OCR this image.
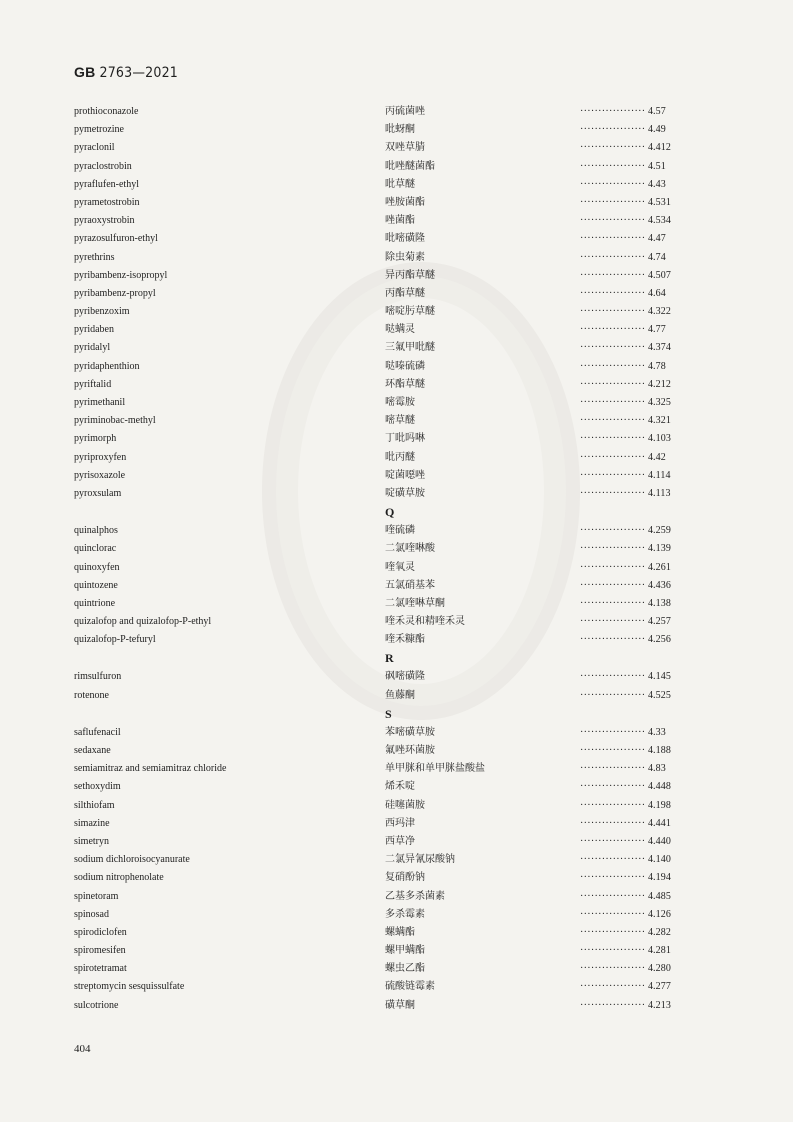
GB 2763—2021
prothioconazole	丙硫菌唑	·················· 4.57
pymetrozine	吡蚜酮	·················· 4.49
pyraclonil	双唑草腈	·················· 4.412
pyraclostrobin	吡唑醚菌酯	·················· 4.51
pyraflufen-ethyl	吡草醚	·················· 4.43
pyrametostrobin	唑胺菌酯	·················· 4.531
pyraoxystrobin	唑菌酯	·················· 4.534
pyrazosulfuron-ethyl	吡嘧磺隆	·················· 4.47
pyrethrins	除虫菊素	·················· 4.74
pyribambenz-isopropyl	异丙酯草醚	·················· 4.507
pyribambenz-propyl	丙酯草醚	·················· 4.64
pyribenzoxim	嘧啶肟草醚	·················· 4.322
pyridaben	哒螨灵	·················· 4.77
pyridalyl	三氟甲吡醚	·················· 4.374
pyridaphenthion	哒嗪硫磷	·················· 4.78
pyriftalid	环酯草醚	·················· 4.212
pyrimethanil	嘧霉胺	·················· 4.325
pyriminobac-methyl	嘧草醚	·················· 4.321
pyrimorph	丁吡吗啉	·················· 4.103
pyriproxyfen	吡丙醚	·················· 4.42
pyrisoxazole	啶菌噁唑	·················· 4.114
pyroxsulam	啶磺草胺	·················· 4.113
Q
quinalphos	喹硫磷	·················· 4.259
quinclorac	二氯喹啉酸	·················· 4.139
quinoxyfen	喹氧灵	·················· 4.261
quintozene	五氯硝基苯	·················· 4.436
quintrione	二氯喹啉草酮	·················· 4.138
quizalofop and quizalofop-P-ethyl	喹禾灵和精喹禾灵	·················· 4.257
quizalofop-P-tefuryl	喹禾糠酯	·················· 4.256
R
rimsulfuron	砜嘧磺隆	·················· 4.145
rotenone	鱼藤酮	·················· 4.525
S
saflufenacil	苯嘧磺草胺	·················· 4.33
sedaxane	氟唑环菌胺	·················· 4.188
semiamitraz and semiamitraz chloride	单甲脒和单甲脒盐酸盐	·················· 4.83
sethoxydim	烯禾啶	·················· 4.448
silthiofam	硅噻菌胺	·················· 4.198
simazine	西玛津	·················· 4.441
simetryn	西草净	·················· 4.440
sodium dichloroisocyanurate	二氯异氰尿酸钠	·················· 4.140
sodium nitrophenolate	复硝酚钠	·················· 4.194
spinetoram	乙基多杀菌素	·················· 4.485
spinosad	多杀霉素	·················· 4.126
spirodiclofen	螺螨酯	·················· 4.282
spiromesifen	螺甲螨酯	·················· 4.281
spirotetramat	螺虫乙酯	·················· 4.280
streptomycin sesquissulfate	硫酸链霉素	·················· 4.277
sulcotrione	磺草酮	·················· 4.213
404
